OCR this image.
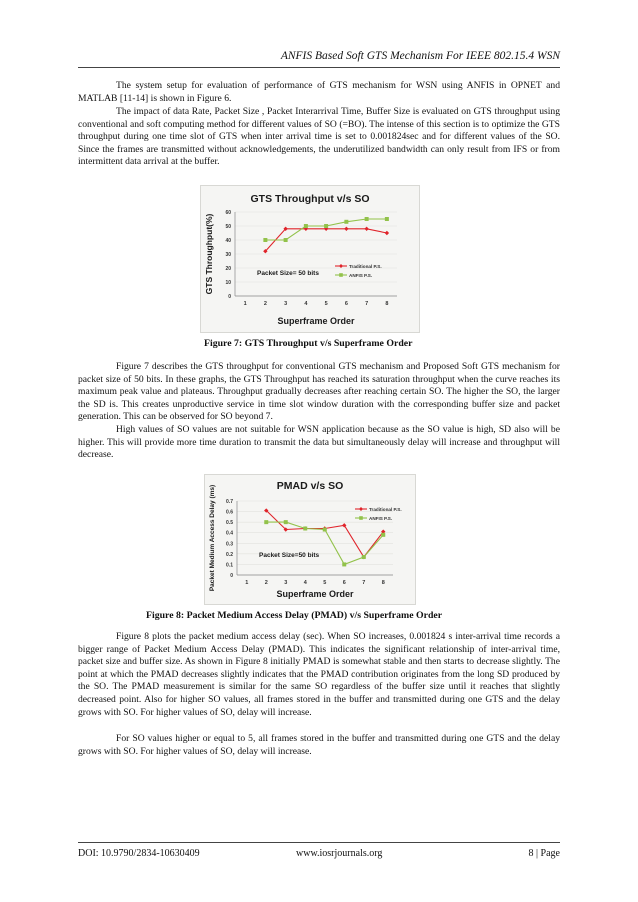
ANFIS Based Soft GTS Mechanism For IEEE 802.15.4 WSN

The system setup for evaluation of performance of GTS mechanism for WSN using ANFIS in OPNET and MATLAB [11-14] is shown in Figure 6.

The impact of data Rate, Packet Size , Packet Interarrival Time, Buffer Size is evaluated on GTS throughput using conventional and soft computing method for different values of SO (=BO). The intense of this section is to optimize the GTS throughput during one time slot of GTS when inter arrival time is set to 0.001824sec and for different values of the SO. Since the frames are transmitted without acknowledgements, the underutilized bandwidth can only result from IFS or from intermittent data arrival at the buffer.

GTS Throughput v/s SO
0
10
20
30
40
50
60
1	2	3	4	5	6	7	8
Superframe Order
GTS Throughput(%)	Packet Size= 50 bits
Traditional P.S.
ANFIS P.S.
Figure 7: GTS Throughput v/s Superframe Order

Figure 7 describes the GTS throughput for conventional GTS mechanism and Proposed Soft GTS mechanism for packet size of 50 bits. In these graphs, the GTS Throughput has reached its saturation throughput when the curve reaches its maximum peak value and plateaus. Throughput gradually decreases after reaching certain SO. The higher the SO, the larger the SD is. This creates unproductive service in time slot window duration with the corresponding buffer size and packet generation. This can be observed for SO beyond 7.

High values of SO values are not suitable for WSN application because as the SO value is high, SD also will be higher. This will provide more time duration to transmit the data but simultaneously delay will increase and throughput will decrease.

PMAD v/s SO
0
0.1
0.2
0.3
0.4
0.5
0.6
0.7
1	2	3	4	5	6	7	8
Superframe Order
Packet Medium Access Delay (ms)	Packet Size=50 bits
Traditional P.S.
ANFIS P.S.
Figure 8: Packet Medium Access Delay (PMAD) v/s Superframe Order

Figure 8 plots the packet medium access delay (sec). When SO increases, 0.001824 s inter-arrival time records a bigger range of Packet Medium Access Delay (PMAD). This indicates the significant relationship of inter-arrival time, packet size and buffer size. As shown in Figure 8 initially PMAD is somewhat stable and then starts to decrease slightly. The point at which the PMAD decreases slightly indicates that the PMAD contribution originates from the long SD produced by the SO. The PMAD measurement is similar for the same SO regardless of the buffer size until it reaches that slightly decreased point. Also for higher SO values, all frames stored in the buffer and transmitted during one GTS and the delay grows with SO. For higher values of SO, delay will increase.

For SO values higher or equal to 5, all frames stored in the buffer and transmitted during one GTS and the delay grows with SO. For higher values of SO, delay will increase.

DOI: 10.9790/2834-10630409	www.iosrjournals.org	8 | Page
